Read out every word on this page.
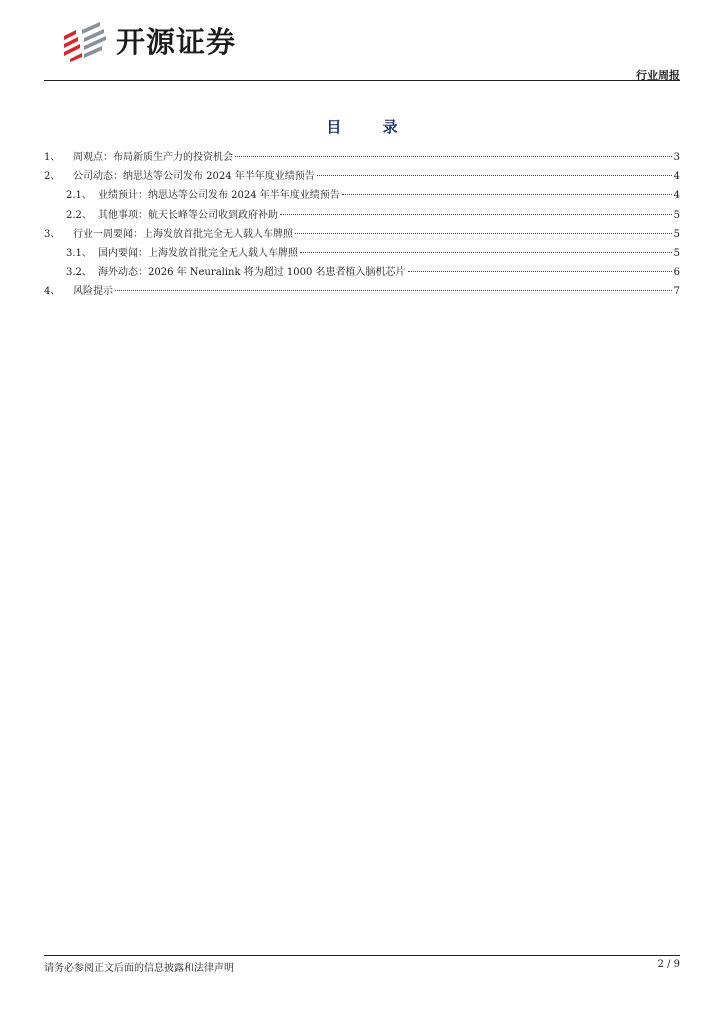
开源证券
行业周报
目 录
1、	周观点：布局新质生产力的投资机会	3
2、	公司动态：纳思达等公司发布 2024 年半年度业绩预告	4
2.1、 业绩预计：纳思达等公司发布 2024 年半年度业绩预告	4
2.2、 其他事项：航天长峰等公司收到政府补助	5
3、	行业一周要闻：上海发放首批完全无人载人车牌照	5
3.1、 国内要闻：上海发放首批完全无人载人车牌照	5
3.2、 海外动态：2026 年 Neuralink 将为超过 1000 名患者植入脑机芯片	6
4、	风险提示	7
请务必参阅正文后面的信息披露和法律声明	2 / 9
